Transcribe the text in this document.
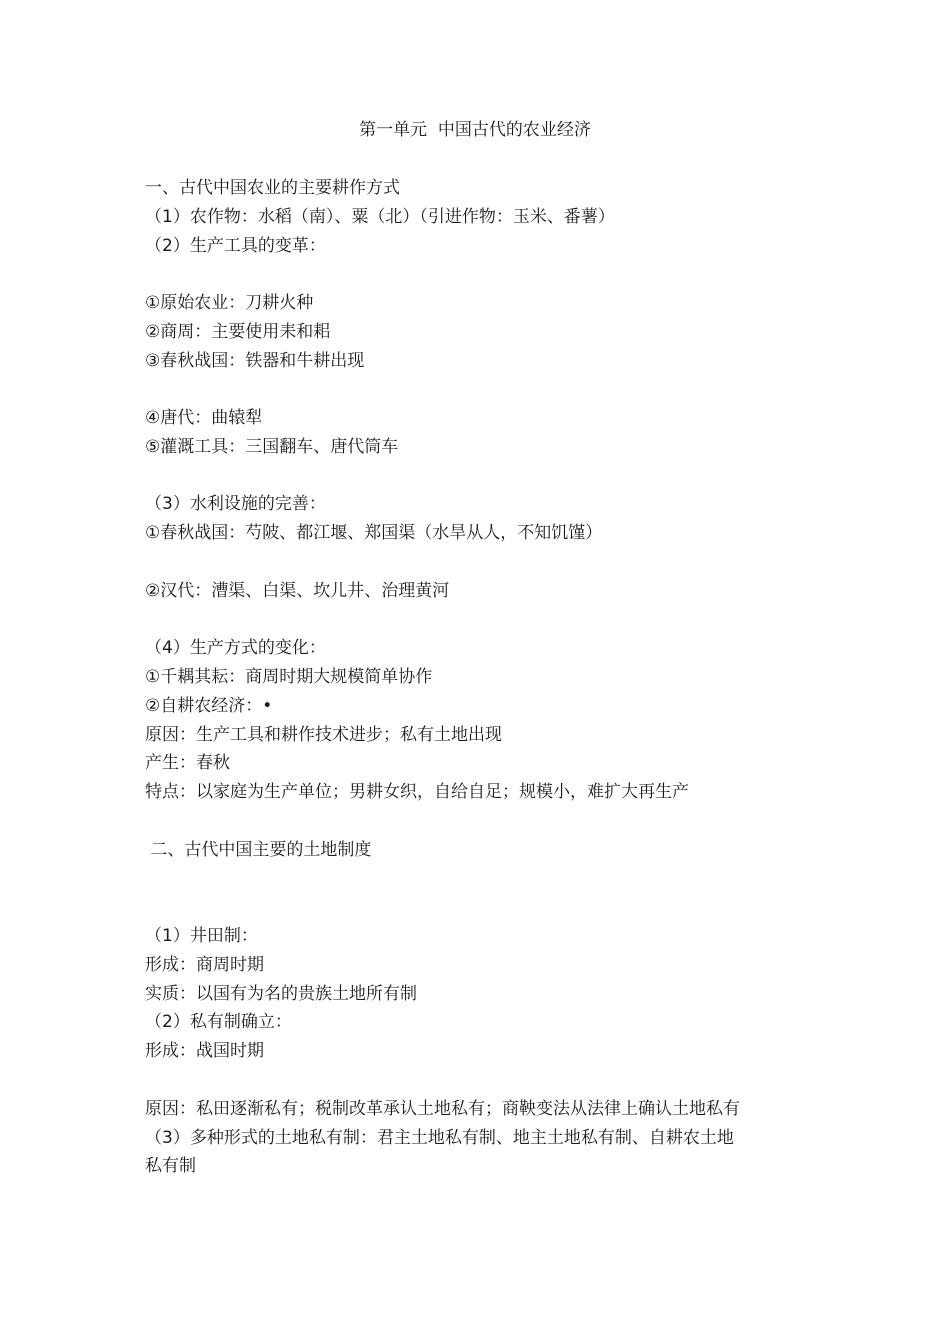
第一单元  中国古代的农业经济
一、古代中国农业的主要耕作方式
（1）农作物：水稻（南）、粟（北）（引进作物：玉米、番薯）
（2）生产工具的变革：
①原始农业：刀耕火种
②商周：主要使用耒和耜
③春秋战国：铁器和牛耕出现
④唐代：曲辕犁
⑤灌溉工具：三国翻车、唐代筒车
（3）水利设施的完善：
①春秋战国：芍陂、都江堰、郑国渠（水旱从人，不知饥馑）
②汉代：漕渠、白渠、坎儿井、治理黄河
（4）生产方式的变化：
①千耦其耘：商周时期大规模简单协作
②自耕农经济：•
原因：生产工具和耕作技术进步；私有土地出现
产生：春秋
特点：以家庭为生产单位；男耕女织，自给自足；规模小，难扩大再生产
二、古代中国主要的土地制度
（1）井田制：
形成：商周时期
实质：以国有为名的贵族土地所有制
（2）私有制确立：
形成：战国时期
原因：私田逐渐私有；税制改革承认土地私有；商鞅变法从法律上确认土地私有
（3）多种形式的土地私有制：君主土地私有制、地主土地私有制、自耕农土地
私有制
